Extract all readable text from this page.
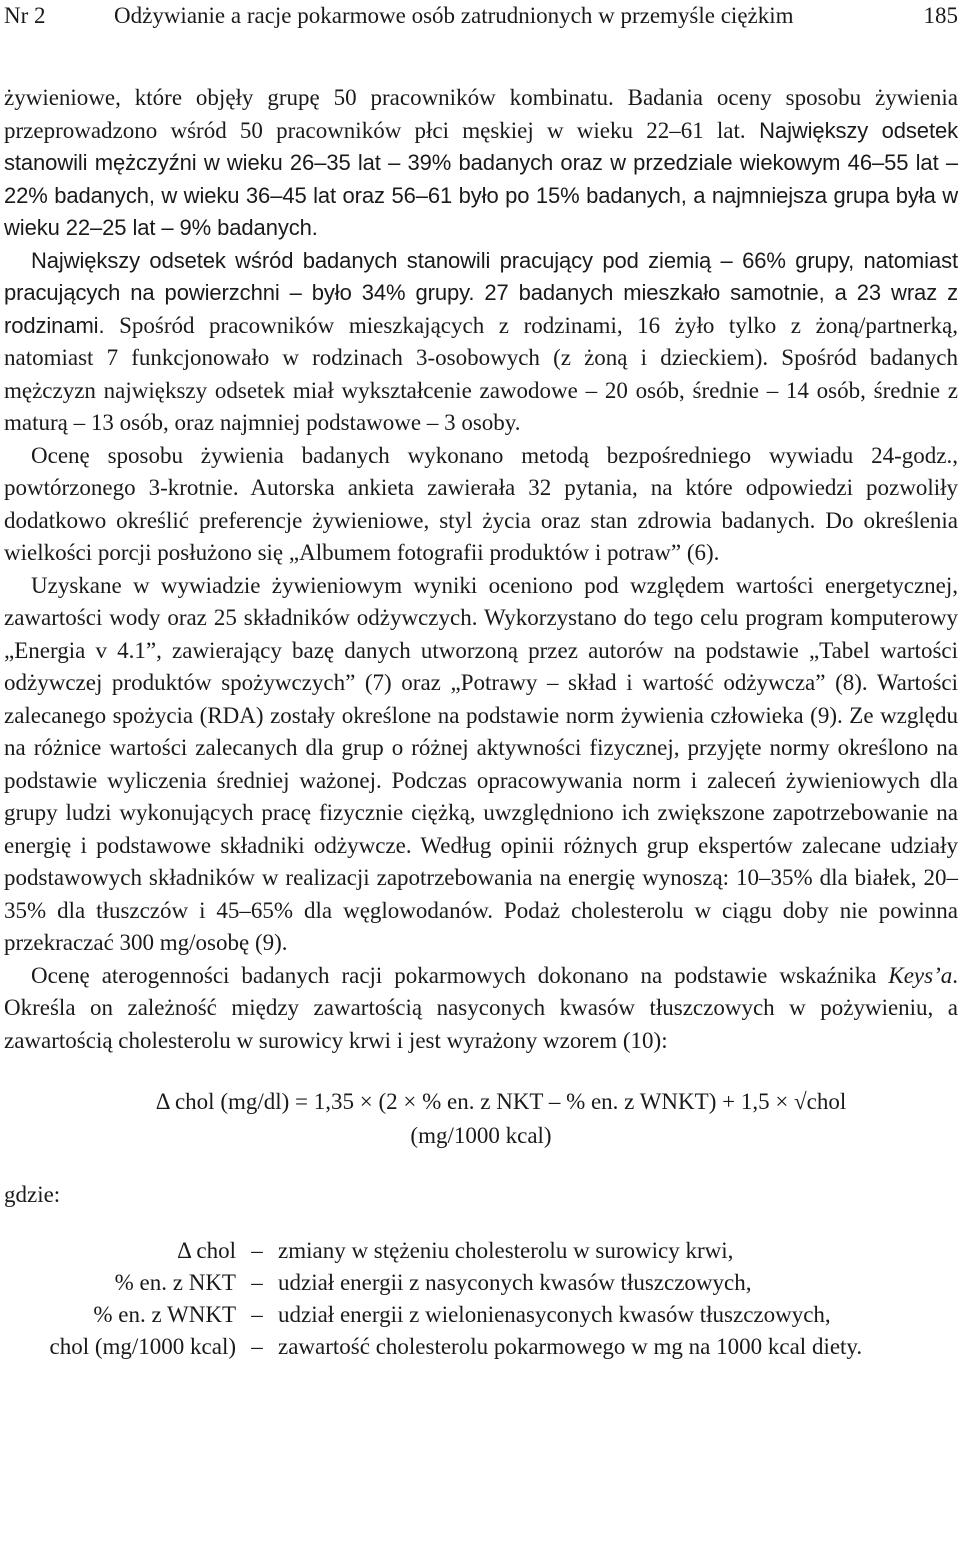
Nr 2	Odżywianie a racje pokarmowe osób zatrudnionych w przemyśle ciężkim	185

żywieniowe, które objęły grupę 50 pracowników kombinatu. Badania oceny sposobu żywienia przeprowadzono wśród 50 pracowników płci męskiej w wieku 22–61 lat. Największy odsetek stanowili mężczyźni w wieku 26–35 lat – 39% badanych oraz w przedziale wiekowym 46–55 lat – 22% badanych, w wieku 36–45 lat oraz 56–61 było po 15% badanych, a najmniejsza grupa była w wieku 22–25 lat – 9% badanych.

Największy odsetek wśród badanych stanowili pracujący pod ziemią – 66% grupy, natomiast pracujących na powierzchni – było 34% grupy. 27 badanych mieszkało samotnie, a 23 wraz z rodzinami. Spośród pracowników mieszkających z rodzinami, 16 żyło tylko z żoną/partnerką, natomiast 7 funkcjonowało w rodzinach 3-osobowych (z żoną i dzieckiem). Spośród badanych mężczyzn największy odsetek miał wykształcenie zawodowe – 20 osób, średnie – 14 osób, średnie z maturą – 13 osób, oraz najmniej podstawowe – 3 osoby.

Ocenę sposobu żywienia badanych wykonano metodą bezpośredniego wywiadu 24-godz., powtórzonego 3-krotnie. Autorska ankieta zawierała 32 pytania, na które odpowiedzi pozwoliły dodatkowo określić preferencje żywieniowe, styl życia oraz stan zdrowia badanych. Do określenia wielkości porcji posłużono się „Albumem fotografii produktów i potraw” (6).

Uzyskane w wywiadzie żywieniowym wyniki oceniono pod względem wartości energetycznej, zawartości wody oraz 25 składników odżywczych. Wykorzystano do tego celu program komputerowy „Energia v 4.1”, zawierający bazę danych utworzoną przez autorów na podstawie „Tabel wartości odżywczej produktów spożywczych” (7) oraz „Potrawy – skład i wartość odżywcza” (8). Wartości zalecanego spożycia (RDA) zostały określone na podstawie norm żywienia człowieka (9). Ze względu na różnice wartości zalecanych dla grup o różnej aktywności fizycznej, przyjęte normy określono na podstawie wyliczenia średniej ważonej. Podczas opracowywania norm i zaleceń żywieniowych dla grupy ludzi wykonujących pracę fizycznie ciężką, uwzględniono ich zwiększone zapotrzebowanie na energię i podstawowe składniki odżywcze. Według opinii różnych grup ekspertów zalecane udziały podstawowych składników w realizacji zapotrzebowania na energię wynoszą: 10–35% dla białek, 20–35% dla tłuszczów i 45–65% dla węglowodanów. Podaż cholesterolu w ciągu doby nie powinna przekraczać 300 mg/osobę (9).

Ocenę aterogenności badanych racji pokarmowych dokonano na podstawie wskaźnika Keys’a. Określa on zależność między zawartością nasyconych kwasów tłuszczowych w pożywieniu, a zawartością cholesterolu w surowicy krwi i jest wyrażony wzorem (10):

Δ chol (mg/dl) = 1,35 × (2 × % en. z NKT – % en. z WNKT) + 1,5 × √chol
(mg/1000 kcal)
gdzie:
Δ chol – zmiany w stężeniu cholesterolu w surowicy krwi,
% en. z NKT – udział energii z nasyconych kwasów tłuszczowych,
% en. z WNKT – udział energii z wielonienasyconych kwasów tłuszczowych,
chol (mg/1000 kcal) – zawartość cholesterolu pokarmowego w mg na 1000 kcal diety.
